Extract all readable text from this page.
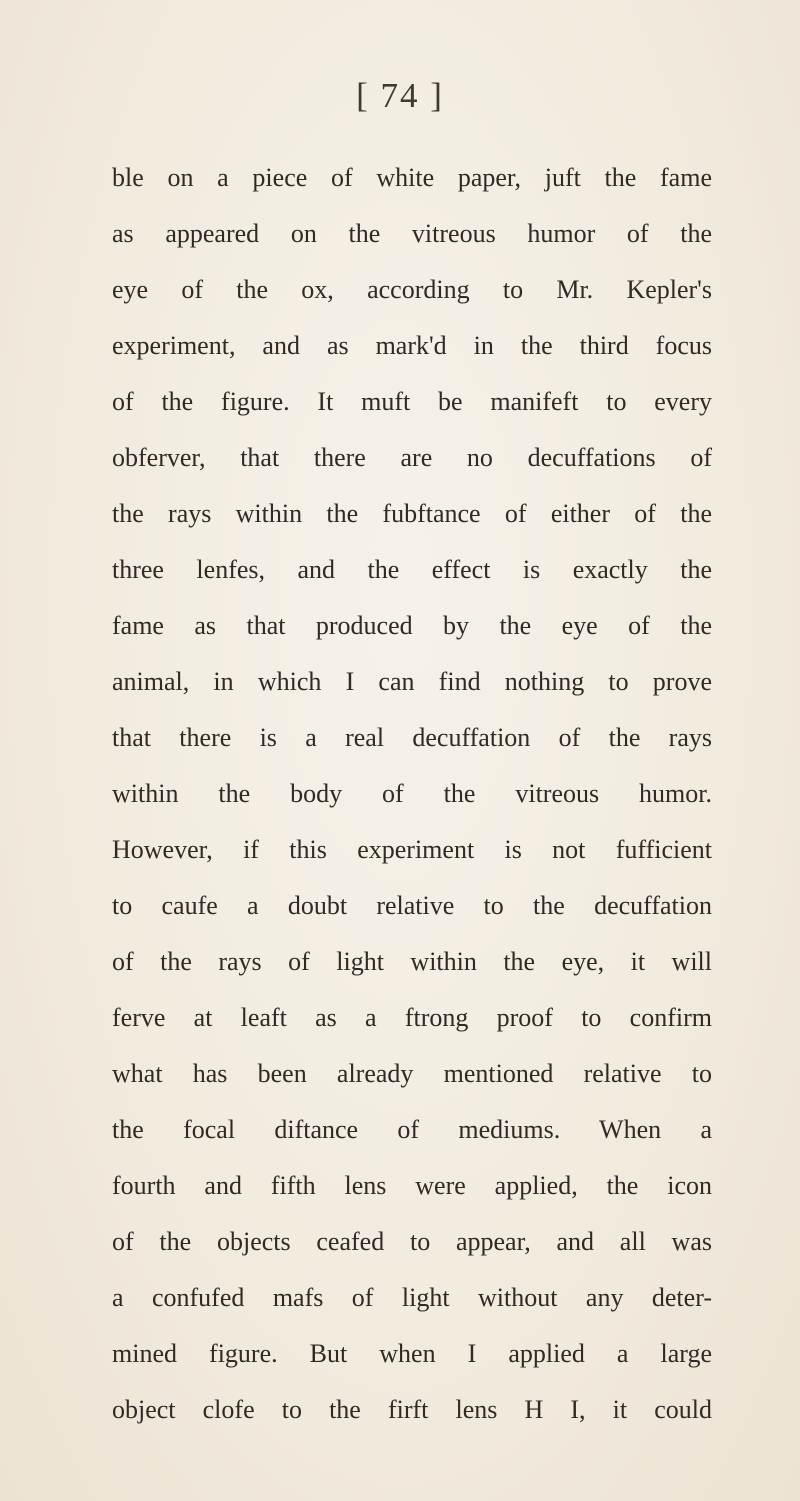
[ 74 ]
ble on a piece of white paper, juft the fame
as appeared on the vitreous humor of the
eye of the ox, according to Mr. Kepler's
experiment, and as mark'd in the third focus
of the figure. It muft be manifeft to every
obferver, that there are no decuffations of
the rays within the fubftance of either of the
three lenfes, and the effect is exactly the
fame as that produced by the eye of the
animal, in which I can find nothing to prove
that there is a real decuffation of the rays
within the body of the vitreous humor.
However, if this experiment is not fufficient
to caufe a doubt relative to the decuffation
of the rays of light within the eye, it will
ferve at leaft as a ftrong proof to confirm
what has been already mentioned relative to
the focal diftance of mediums. When a
fourth and fifth lens were applied, the icon
of the objects ceafed to appear, and all was
a confufed mafs of light without any deter-
mined figure. But when I applied a large
object clofe to the firft lens H I, it could
